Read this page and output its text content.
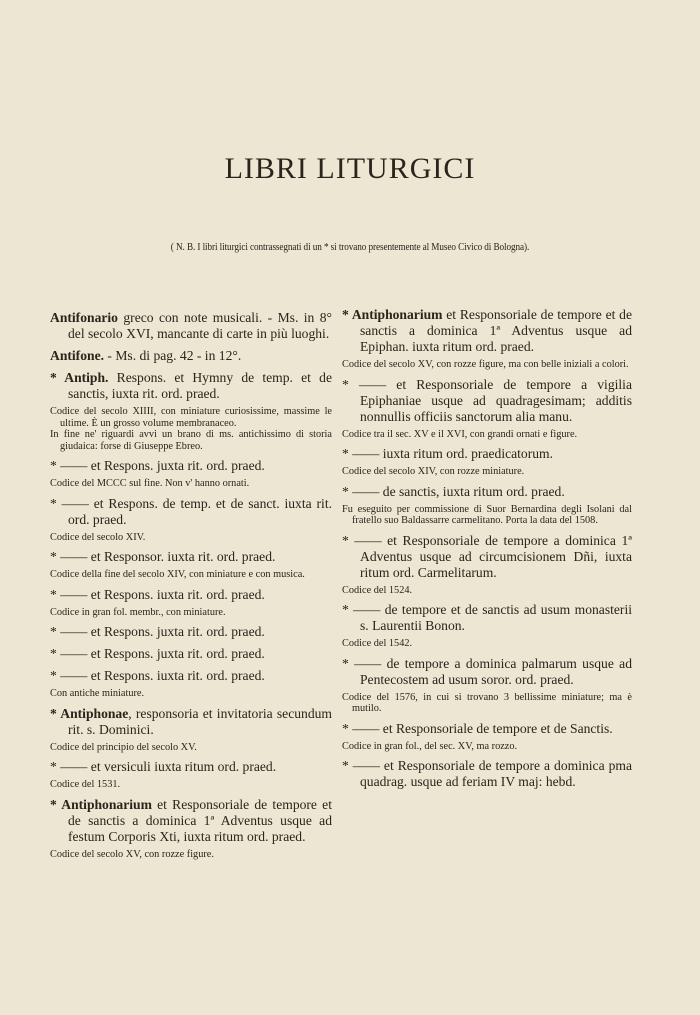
LIBRI LITURGICI
( N. B. I libri liturgici contrassegnati di un * si trovano presentemente al Museo Civico di Bologna).

Antifonario greco con note musicali. - Ms. in 8° del secolo XVI, mancante di carte in più luoghi.

Antifone. - Ms. di pag. 42 - in 12°.

* Antiph. Respons. et Hymny de temp. et de sanctis, iuxta rit. ord. praed.

Codice del secolo XIIII, con miniature curiosissime, massime le ultime. È un grosso volume membranaceo.

In fine ne' riguardi avvi un brano di ms. antichissimo di storia giudaica: forse di Giuseppe Ebreo.

* —— et Respons. juxta rit. ord. praed.

Codice del MCCC sul fine. Non v' hanno ornati.

* —— et Respons. de temp. et de sanct. iuxta rit. ord. praed.

Codice del secolo XIV.

* —— et Responsor. iuxta rit. ord. praed.

Codice della fine del secolo XIV, con miniature e con musica.

* —— et Respons. iuxta rit. ord. praed.

Codice in gran fol. membr., con miniature.

* —— et Respons. juxta rit. ord. praed.

* —— et Respons. juxta rit. ord. praed.

* —— et Respons. iuxta rit. ord. praed.

Con antiche miniature.

* Antiphonae, responsoria et invitatoria secundum rit. s. Dominici.

Codice del principio del secolo XV.

* —— et versiculi iuxta ritum ord. praed.

Codice del 1531.

* Antiphonarium et Responsoriale de tempore et de sanctis a dominica 1ª Adventus usque ad festum Corporis Xti, iuxta ritum ord. praed.

Codice del secolo XV, con rozze figure.

* Antiphonarium et Responsoriale de tempore et de sanctis a dominica 1ª Adventus usque ad Epiphan. iuxta ritum ord. praed.

Codice del secolo XV, con rozze figure, ma con belle iniziali a colori.

* —— et Responsoriale de tempore a vigilia Epiphaniae usque ad quadragesimam; additis nonnullis officiis sanctorum alia manu.

Codice tra il sec. XV e il XVI, con grandi ornati e figure.

* —— iuxta ritum ord. praedicatorum.

Codice del secolo XIV, con rozze miniature.

* —— de sanctis, iuxta ritum ord. praed.

Fu eseguito per commissione di Suor Bernardina degli Isolani dal fratello suo Baldassarre carmelitano. Porta la data del 1508.

* —— et Responsoriale de tempore a dominica 1ª Adventus usque ad circumcisionem Dñi, iuxta ritum ord. Carmelitarum.

Codice del 1524.

* —— de tempore et de sanctis ad usum monasterii s. Laurentii Bonon.

Codice del 1542.

* —— de tempore a dominica palmarum usque ad Pentecostem ad usum soror. ord. praed.

Codice del 1576, in cui si trovano 3 bellissime miniature; ma è mutilo.

* —— et Responsoriale de tempore et de Sanctis.

Codice in gran fol., del sec. XV, ma rozzo.

* —— et Responsoriale de tempore a dominica pma quadrag. usque ad feriam IV maj: hebd.
